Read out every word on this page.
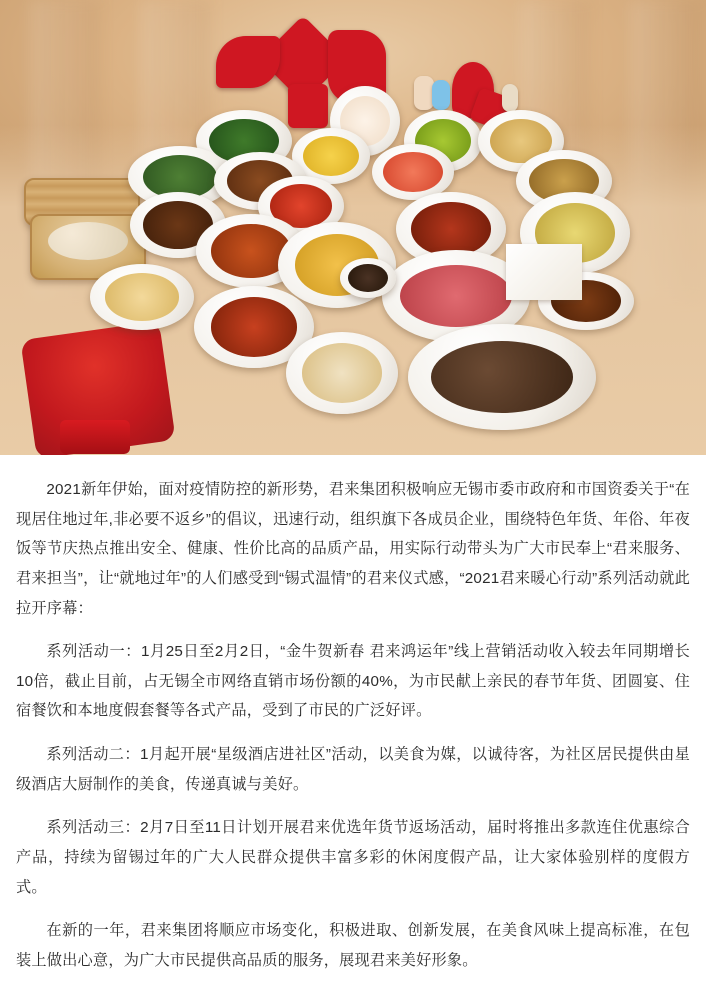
2021新年伊始，面对疫情防控的新形势，君来集团积极响应无锡市委市政府和市国资委关于“在现居住地过年,非必要不返乡”的倡议，迅速行动，组织旗下各成员企业，围绕特色年货、年俗、年夜饭等节庆热点推出安全、健康、性价比高的品质产品，用实际行动带头为广大市民奉上“君来服务、君来担当”，让“就地过年”的人们感受到“锡式温情”的君来仪式感，“2021君来暖心行动”系列活动就此拉开序幕：

系列活动一：1月25日至2月2日，“金牛贺新春 君来鸿运年”线上营销活动收入较去年同期增长10倍，截止目前，占无锡全市网络直销市场份额的40%，为市民献上亲民的春节年货、团圆宴、住宿餐饮和本地度假套餐等各式产品，受到了市民的广泛好评。

系列活动二：1月起开展“星级酒店进社区”活动，以美食为媒，以诚待客，为社区居民提供由星级酒店大厨制作的美食，传递真诚与美好。

系列活动三：2月7日至11日计划开展君来优选年货节返场活动，届时将推出多款连住优惠综合产品，持续为留锡过年的广大人民群众提供丰富多彩的休闲度假产品，让大家体验别样的度假方式。

在新的一年，君来集团将顺应市场变化，积极进取、创新发展，在美食风味上提高标准，在包装上做出心意，为广大市民提供高品质的服务，展现君来美好形象。
